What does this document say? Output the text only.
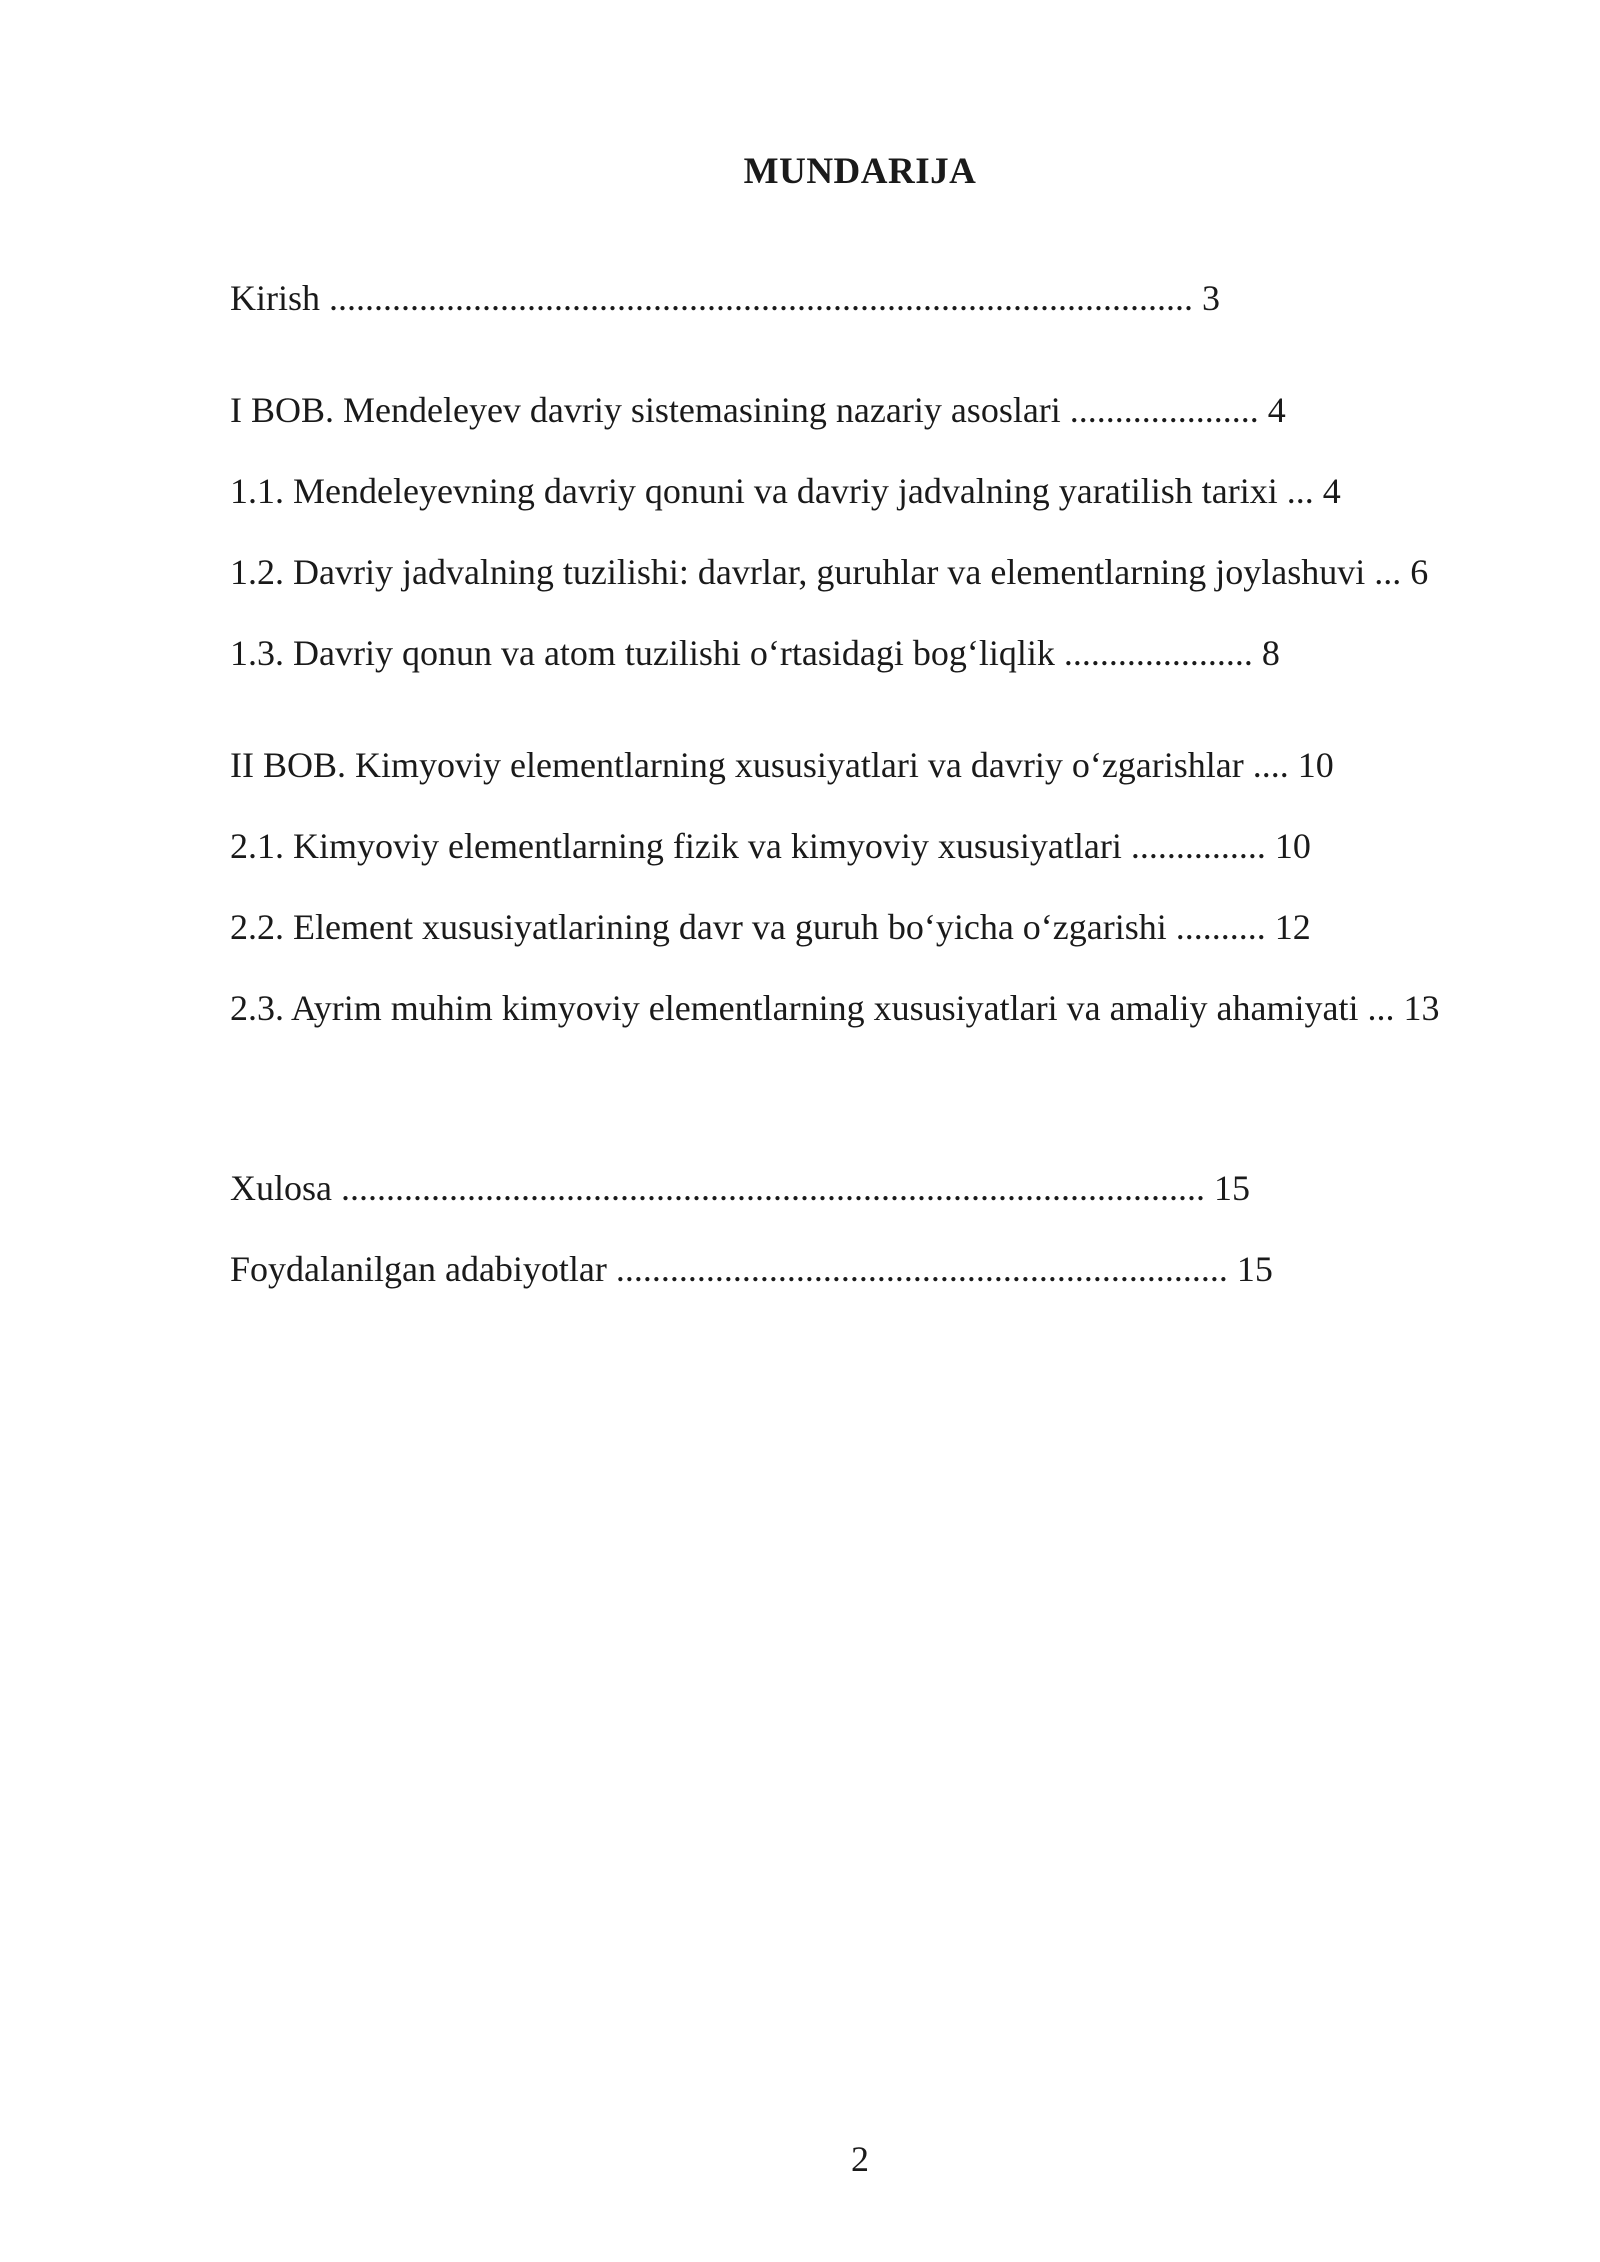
MUNDARIJA
Kirish ................................................................................................ 3
I BOB. Mendeleyev davriy sistemasining nazariy asoslari ..................... 4
1.1. Mendeleyevning davriy qonuni va davriy jadvalning yaratilish tarixi ... 4
1.2. Davriy jadvalning tuzilishi: davrlar, guruhlar va elementlarning joylashuvi ... 6
1.3. Davriy qonun va atom tuzilishi o‘rtasidagi bog‘liqlik ..................... 8
II BOB. Kimyoviy elementlarning xususiyatlari va davriy o‘zgarishlar .... 10
2.1. Kimyoviy elementlarning fizik va kimyoviy xususiyatlari ............... 10
2.2. Element xususiyatlarining davr va guruh bo‘yicha o‘zgarishi .......... 12
2.3. Ayrim muhim kimyoviy elementlarning xususiyatlari va amaliy ahamiyati ... 13
Xulosa ................................................................................................ 15
Foydalanilgan adabiyotlar .................................................................... 15
2
